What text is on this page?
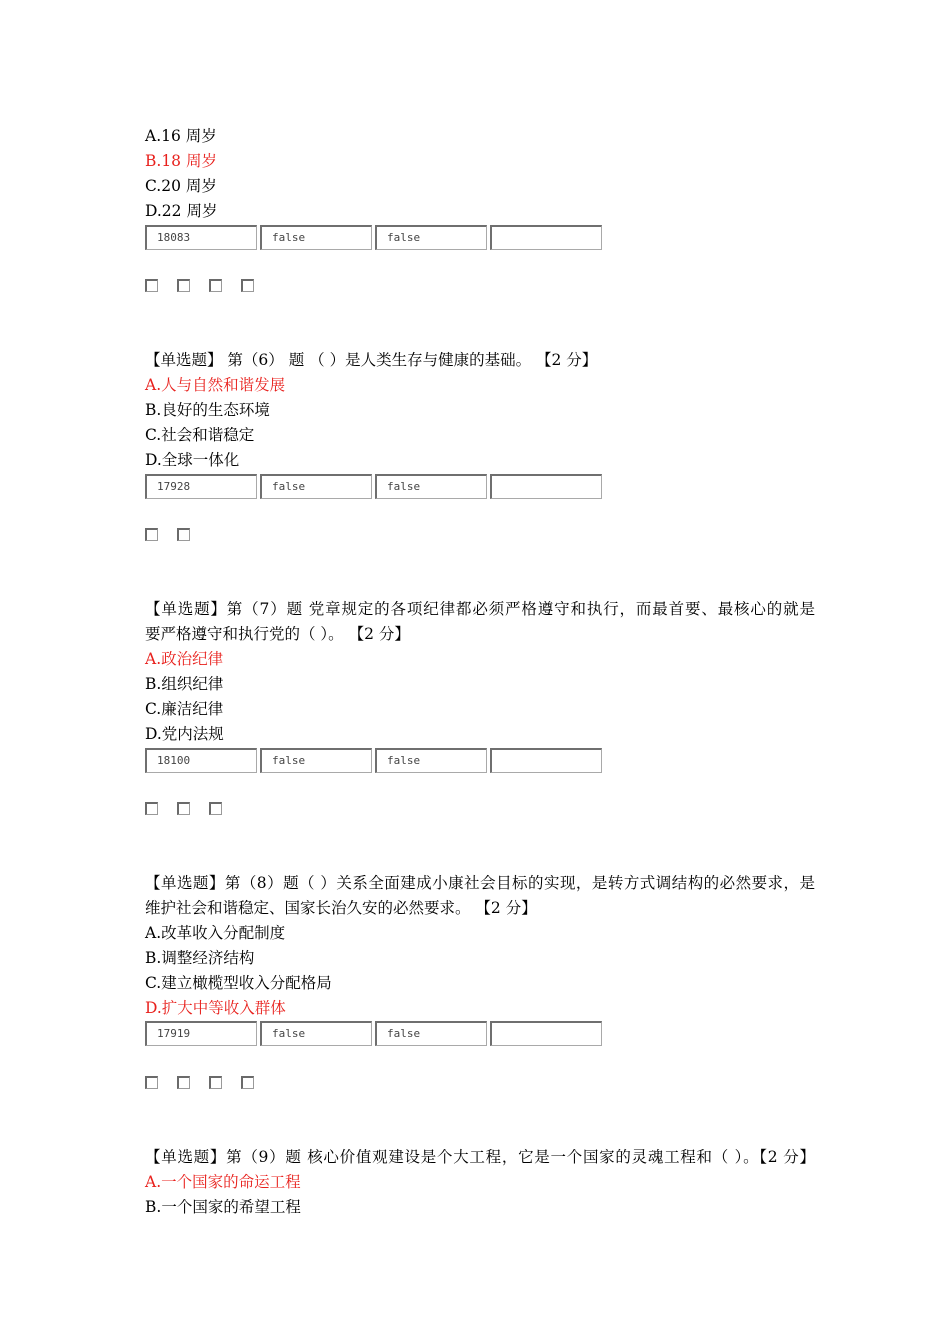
A.16 周岁
B.18 周岁
C.20 周岁
D.22 周岁
18083	false	false
【单选题】 第（6） 题 （ ）是人类生存与健康的基础。 【2 分】
A.人与自然和谐发展
B.良好的生态环境
C.社会和谐稳定
D.全球一体化
17928	false	false
【单选题】第（7）题 党章规定的各项纪律都必须严格遵守和执行，而最首要、最核心的就是
要严格遵守和执行党的（ ）。 【2 分】
A.政治纪律
B.组织纪律
C.廉洁纪律
D.党内法规
18100	false	false
【单选题】第（8）题（ ）关系全面建成小康社会目标的实现，是转方式调结构的必然要求，是
维护社会和谐稳定、国家长治久安的必然要求。 【2 分】
A.改革收入分配制度
B.调整经济结构
C.建立橄榄型收入分配格局
D.扩大中等收入群体
17919	false	false
【单选题】第（9）题 核心价值观建设是个大工程，它是一个国家的灵魂工程和（ ）。【2 分】
A.一个国家的命运工程
B.一个国家的希望工程
